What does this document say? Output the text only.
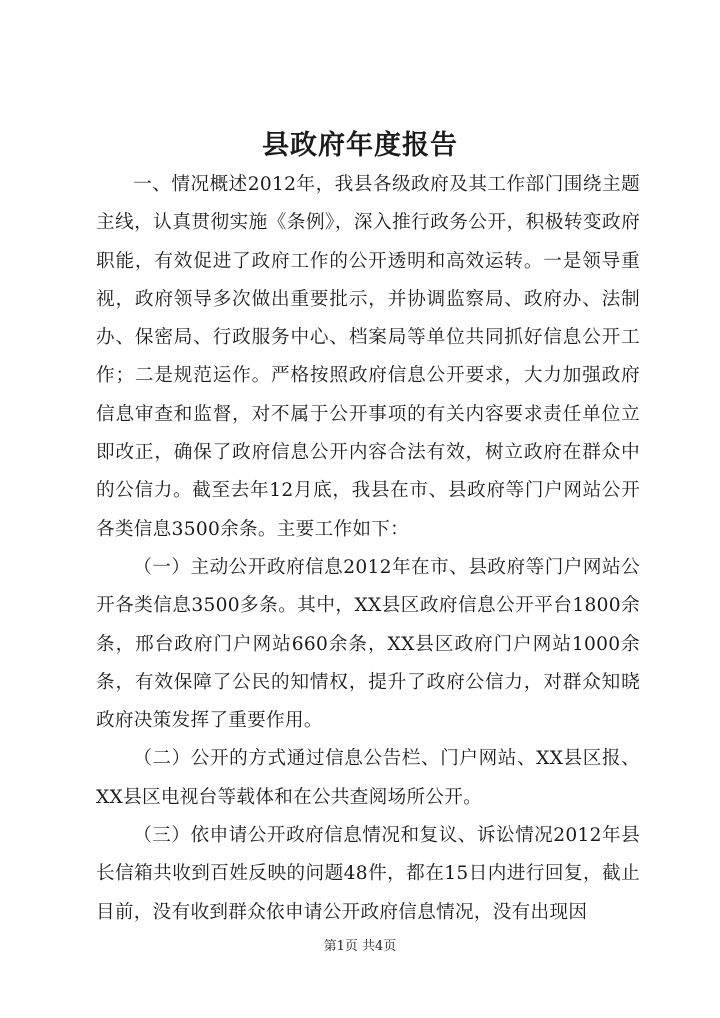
县政府年度报告

一、情况概述2012年，我县各级政府及其工作部门围绕主题主线，认真贯彻实施《条例》，深入推行政务公开，积极转变政府职能，有效促进了政府工作的公开透明和高效运转。一是领导重视，政府领导多次做出重要批示，并协调监察局、政府办、法制办、保密局、行政服务中心、档案局等单位共同抓好信息公开工作；二是规范运作。严格按照政府信息公开要求，大力加强政府信息审查和监督，对不属于公开事项的有关内容要求责任单位立即改正，确保了政府信息公开内容合法有效，树立政府在群众中的公信力。截至去年12月底，我县在市、县政府等门户网站公开各类信息3500余条。主要工作如下：

（一）主动公开政府信息2012年在市、县政府等门户网站公开各类信息3500多条。其中，XX县区政府信息公开平台1800余条，邢台政府门户网站660余条，XX县区政府门户网站1000余条，有效保障了公民的知情权，提升了政府公信力，对群众知晓政府决策发挥了重要作用。

（二）公开的方式通过信息公告栏、门户网站、XX县区报、XX县区电视台等载体和在公共查阅场所公开。

（三）依申请公开政府信息情况和复议、诉讼情况2012年县长信箱共收到百姓反映的问题48件，都在15日内进行回复，截止目前，没有收到群众依申请公开政府信息情况，没有出现因

第1页 共4页
